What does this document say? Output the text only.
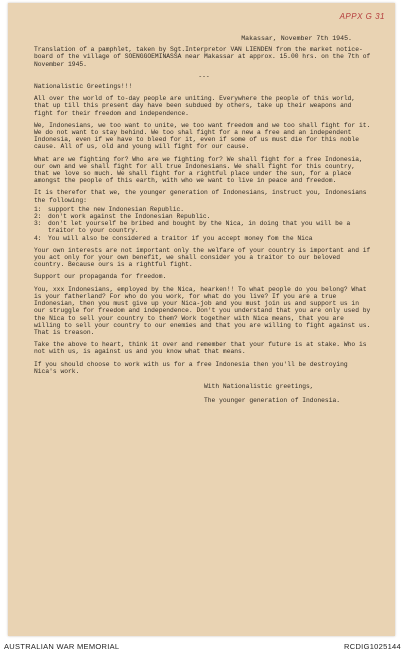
APPX G 31
Makassar, November 7th 1945.
Translation of a pamphlet, taken by Sgt.Interpretor VAN LIENDEN from the market notice-board of the village of SOENGGOEMINASSA near Makassar at approx. 15.00 hrs. on the 7th of November 1945.
---
Nationalistic Greetings!!!
All over the world of to-day people are uniting. Everywhere the people of this world, that up till this present day have been subdued by others, take up their weapons and fight for their freedom and independence.
We, Indonesians, we too want to unite, we too want freedom and we too shall fight for it. We do not want to stay behind. We too shal fight for a new a free and an independent Indonesia, even if we have to bleed for it, even if some of us must die for this noble cause. All of us, old and young will fight for our cause.
What are we fighting for? Who are we fighting for? We shall fight for a free Indonesia, our own and we shall fight for all true Indonesians. We shall fight for this country, that we love so much. We shall fight for a rightful place under the sun, for a place amongst the people of this earth, with who we want to live in peace and freedom.
It is therefor that we, the younger generation of Indonesians, instruct you, Indonesians the following:
1:	support the new Indonesian Republic.
2:	don't work against the Indonesian Republic.
3:	don't let yourself be bribed and bought by the Nica, in doing that you will be a traitor to your country.
4:	You will also be considered a traitor if you accept money fom the Nica
Your own interests are not important only the welfare of your country is important and if you act only for your own benefit, we shall consider you a traitor to our beloved country. Because ours is a rightful fight.
Support our propaganda for freedom.
You, xxx Indonesians, employed by the Nica, hearken!! To what people do you belong? What is your fatherland? For who do you work, for what do you live? If you are a true Indonesian, then you must give up your Nica-job and you must join us and support us in our struggle for freedom and independence. Don't you understand that you are only used by the Nica to sell your country to them? Work together with Nica means, that you are willing to sell your country to our enemies and that you are willing to fight against us. That is treason.
Take the above to heart, think it over and remember that your future is at stake. Who is not with us, is against us and you know what that means.
If you should choose to work with us for a free Indonesia then you'll be destroying Nica's work.
With Nationalistic greetings,
The younger generation of Indonesia.
AUSTRALIAN WAR MEMORIAL	RCDIG1025144
